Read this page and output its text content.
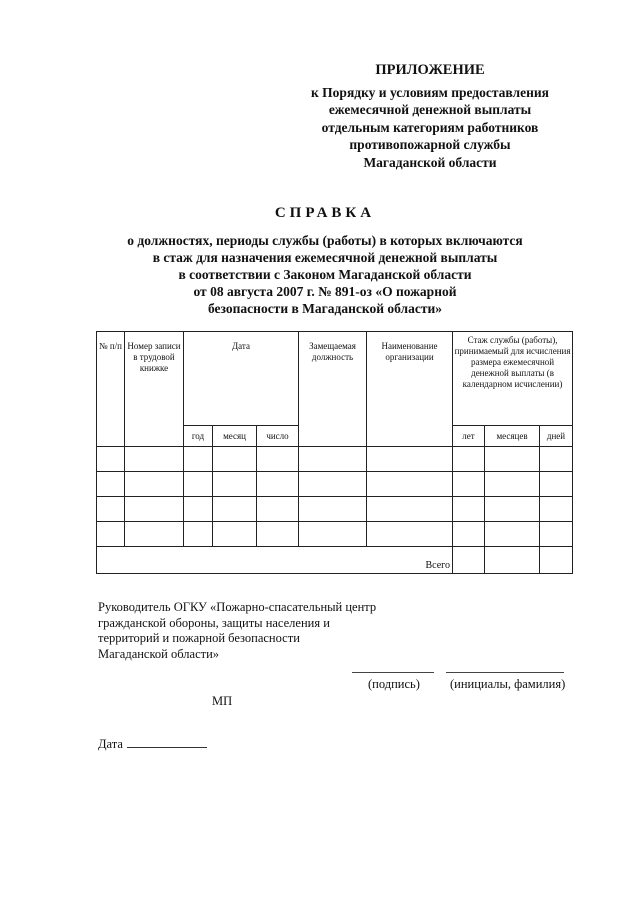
ПРИЛОЖЕНИЕ
к Порядку и условиям предоставления
ежемесячной денежной выплаты
отдельным категориям работников
противопожарной службы
Магаданской области
СПРАВКА
о должностях, периоды службы (работы) в которых включаются
в стаж для назначения ежемесячной денежной выплаты
в соответствии с Законом Магаданской области
от 08 августа 2007 г. № 891-оз «О пожарной
безопасности в Магаданской области»
№ п/п	Номер записи в трудовой книжке	Дата			Замещаемая должность	Наименование организации	Стаж службы (работы), принимаемый для исчисления размера ежемесячной денежной выплаты (в календарном исчислении)		
		год	месяц	число			лет	месяцев	дней

Всего									
Руководитель ОГКУ «Пожарно-спасательный центр
гражданской обороны, защиты населения и
территорий и пожарной безопасности
Магаданской области»
(подпись) (инициалы, фамилия)
МП
Дата
